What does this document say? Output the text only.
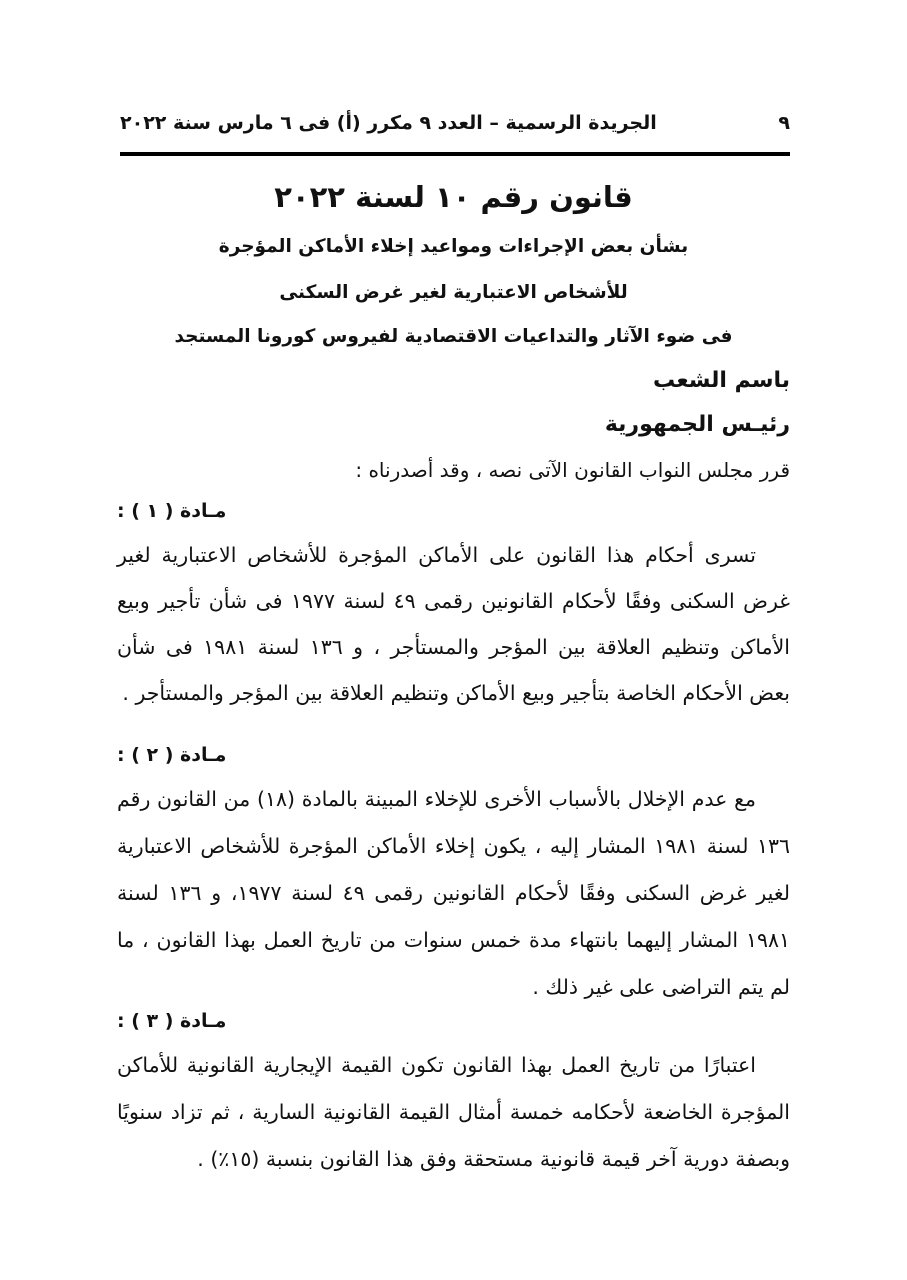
الجريدة الرسمية – العدد ٩ مكرر (أ) فى ٦ مارس سنة ٢٠٢٢	٩
قانون رقم ١٠ لسنة ٢٠٢٢
بشأن بعض الإجراءات ومواعيد إخلاء الأماكن المؤجرة
للأشخاص الاعتبارية لغير غرض السكنى
فى ضوء الآثار والتداعيات الاقتصادية لفيروس كورونا المستجد
باسم الشعب
رئيـس الجمهورية
قرر مجلس النواب القانون الآتى نصه ، وقد أصدرناه :
مـادة ( ١ ) :
تسرى أحكام هذا القانون على الأماكن المؤجرة للأشخاص الاعتبارية لغير غرض السكنى وفقًا لأحكام القانونين رقمى ٤٩ لسنة ١٩٧٧ فى شأن تأجير وبيع الأماكن وتنظيم العلاقة بين المؤجر والمستأجر ، و ١٣٦ لسنة ١٩٨١ فى شأن بعض الأحكام الخاصة بتأجير وبيع الأماكن وتنظيم العلاقة بين المؤجر والمستأجر .
مـادة ( ٢ ) :
مع عدم الإخلال بالأسباب الأخرى للإخلاء المبينة بالمادة (١٨) من القانون رقم ١٣٦ لسنة ١٩٨١ المشار إليه ، يكون إخلاء الأماكن المؤجرة للأشخاص الاعتبارية لغير غرض السكنى وفقًا لأحكام القانونين رقمى ٤٩ لسنة ١٩٧٧، و ١٣٦ لسنة ١٩٨١ المشار إليهما بانتهاء مدة خمس سنوات من تاريخ العمل بهذا القانون ، ما لم يتم التراضى على غير ذلك .
مـادة ( ٣ ) :
اعتبارًا من تاريخ العمل بهذا القانون تكون القيمة الإيجارية القانونية للأماكن المؤجرة الخاضعة لأحكامه خمسة أمثال القيمة القانونية السارية ، ثم تزاد سنويًا وبصفة دورية آخر قيمة قانونية مستحقة وفق هذا القانون بنسبة (١٥٪) .
